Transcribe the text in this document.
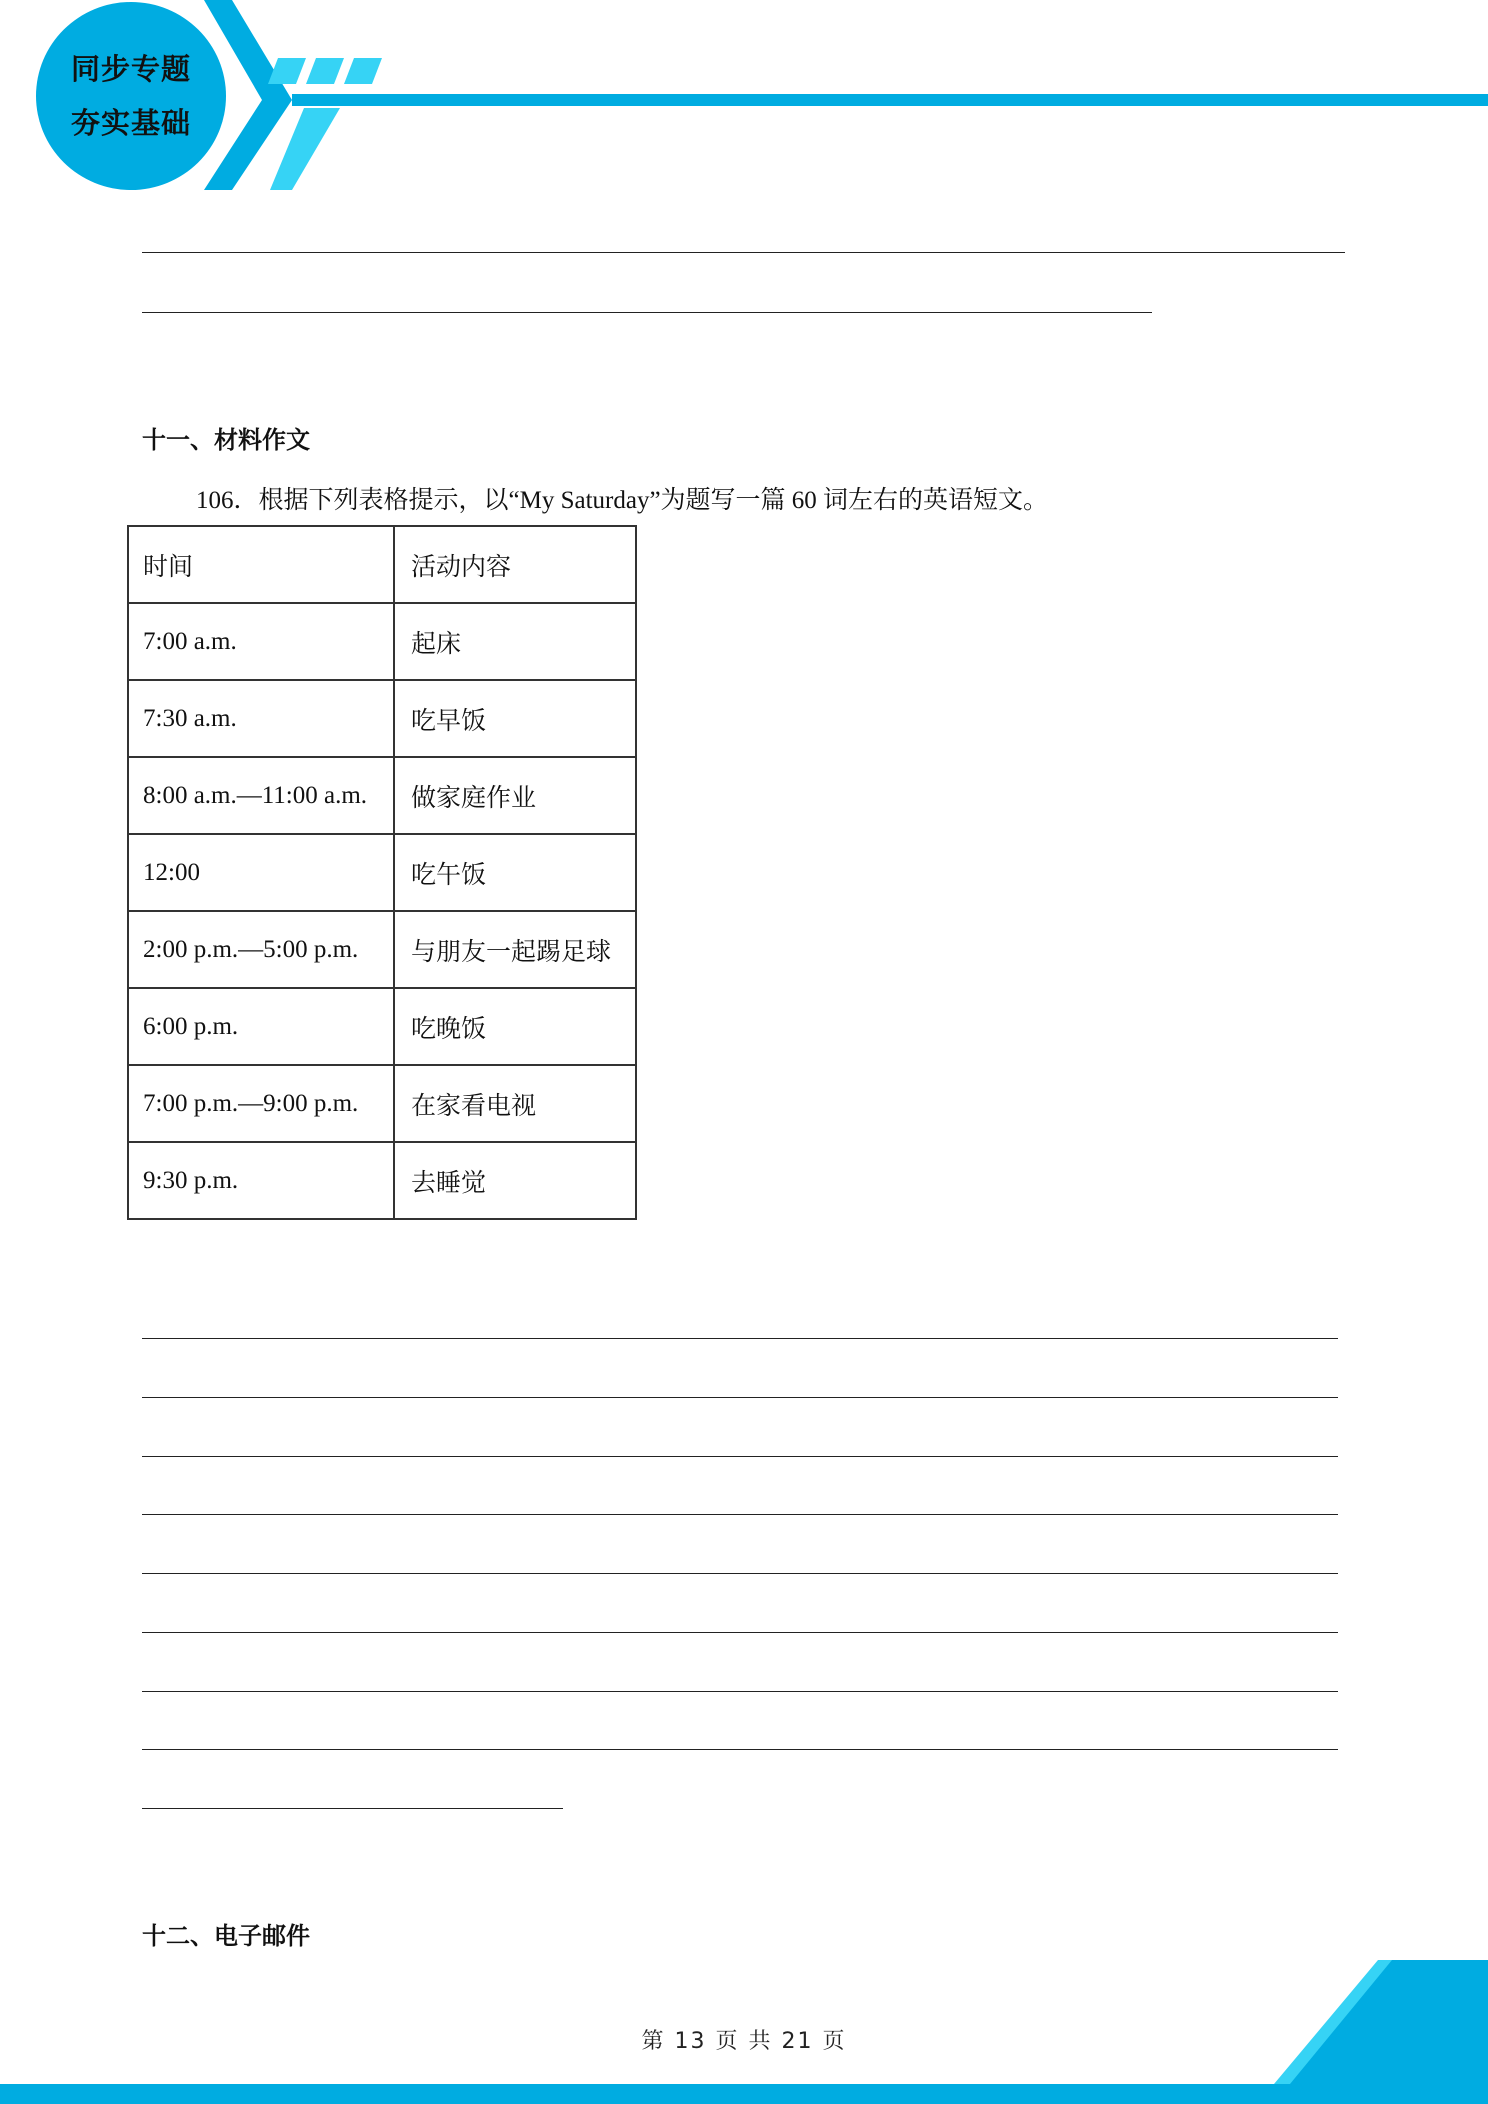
同步专题
夯实基础
十一、材料作文
106．根据下列表格提示，以“My Saturday”为题写一篇 60 词左右的英语短文。
时间	活动内容
7:00 a.m.	起床
7:30 a.m.	吃早饭
8:00 a.m.—11:00 a.m.	做家庭作业
12:00	吃午饭
2:00 p.m.—5:00 p.m.	与朋友一起踢足球
6:00 p.m.	吃晚饭
7:00 p.m.—9:00 p.m.	在家看电视
9:30 p.m.	去睡觉
十二、电子邮件
第 13 页 共 21 页
